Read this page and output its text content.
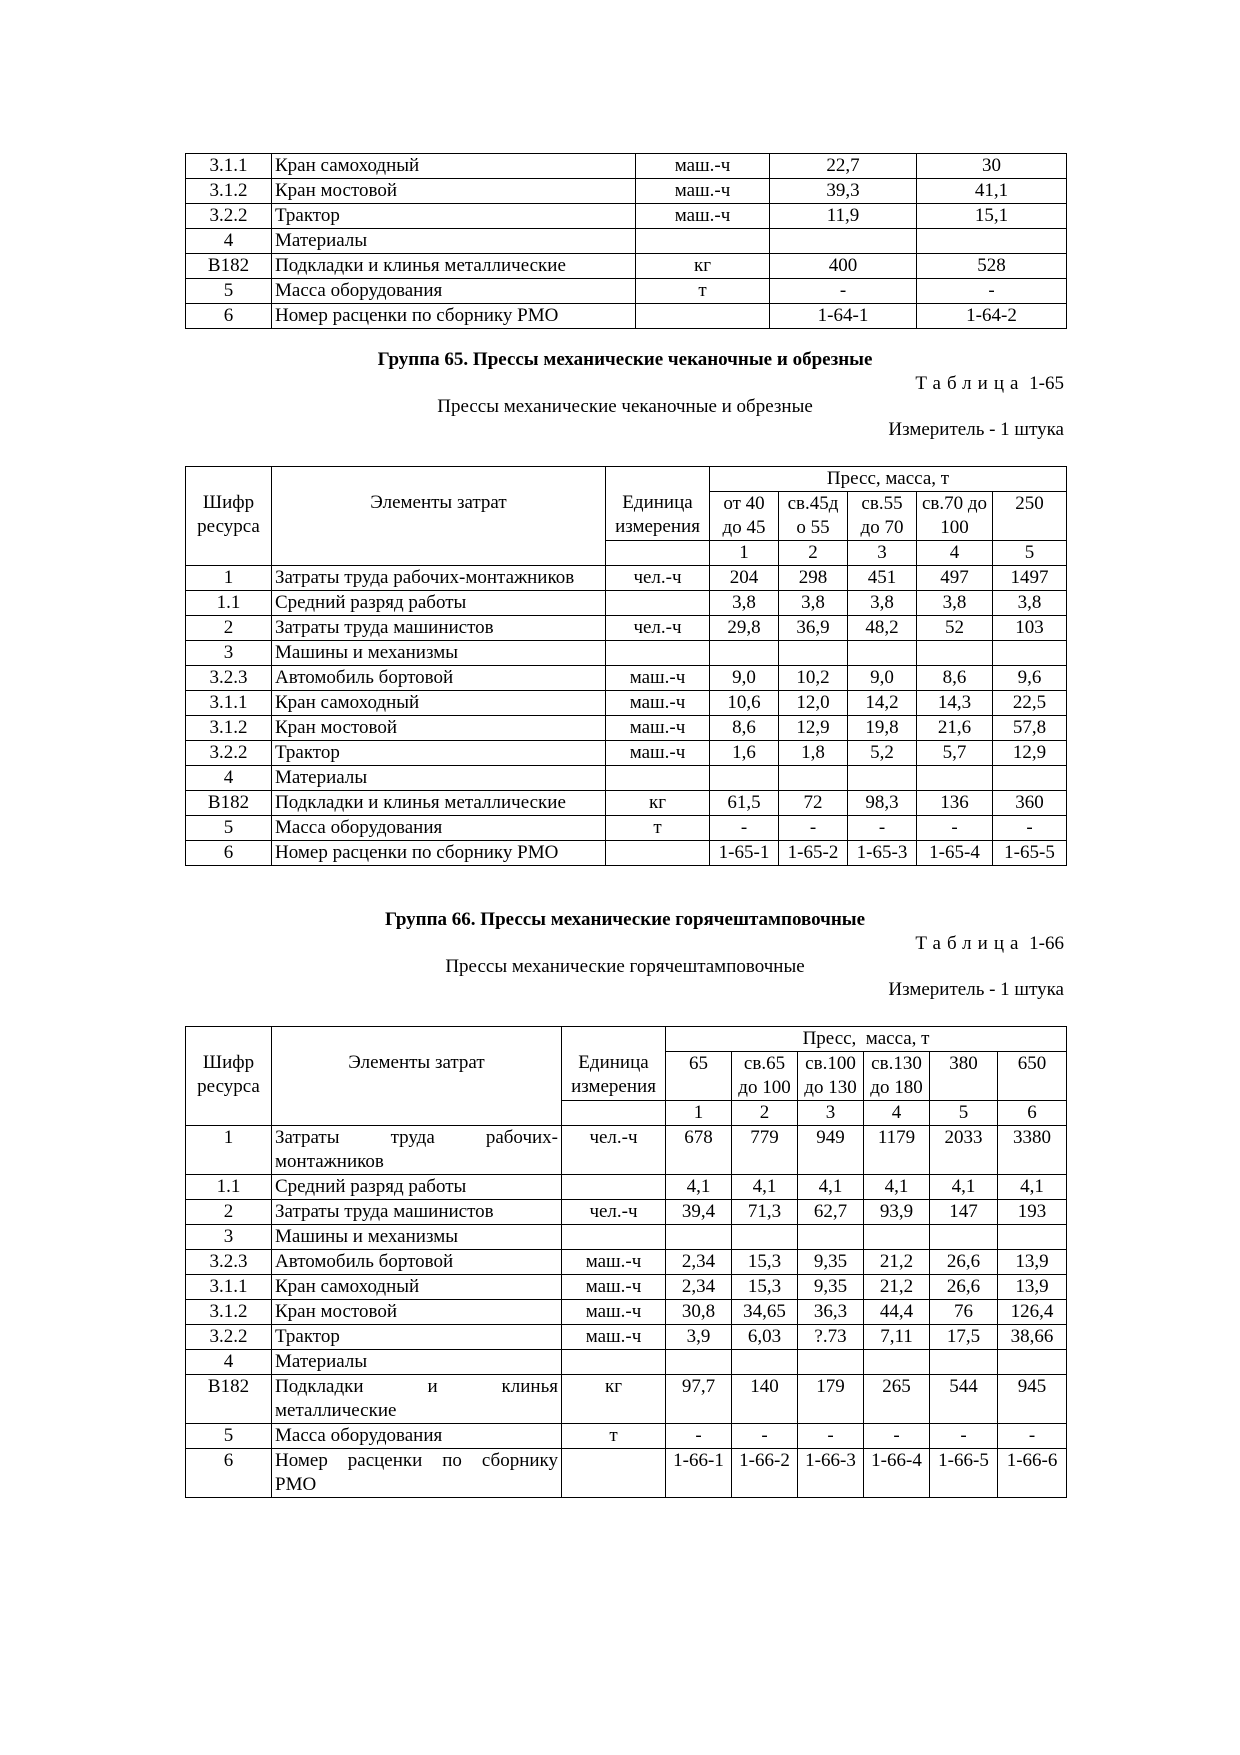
3.1.1	Кран самоходный	маш.-ч	22,7	30
3.1.2	Кран мостовой	маш.-ч	39,3	41,1
3.2.2	Трактор	маш.-ч	11,9	15,1
4	Материалы			
В182	Подкладки и клинья металлические	кг	400	528
5	Масса оборудования	т	-	-
6	Номер расценки по сборнику РМО		1-64-1	1-64-2
Группа 65. Прессы механические чеканочные и обрезные
Таблица 1-65
Прессы механические чеканочные и обрезные
Измеритель - 1 штука
Шифр ресурса	Элементы затрат	Единица измерения	Пресс, масса, т				
			от 40 до 45	св.45д о 55	св.55 до 70	св.70 до 100	250
			1	2	3	4	5
1	Затраты труда рабочих-монтажников	чел.-ч	204	298	451	497	1497
1.1	Средний разряд работы		3,8	3,8	3,8	3,8	3,8
2	Затраты труда машинистов	чел.-ч	29,8	36,9	48,2	52	103
3	Машины и механизмы						
3.2.3	Автомобиль бортовой	маш.-ч	9,0	10,2	9,0	8,6	9,6
3.1.1	Кран самоходный	маш.-ч	10,6	12,0	14,2	14,3	22,5
3.1.2	Кран мостовой	маш.-ч	8,6	12,9	19,8	21,6	57,8
3.2.2	Трактор	маш.-ч	1,6	1,8	5,2	5,7	12,9
4	Материалы						
В182	Подкладки и клинья металлические	кг	61,5	72	98,3	136	360
5	Масса оборудования	т	-	-	-	-	-
6	Номер расценки по сборнику РМО		1-65-1	1-65-2	1-65-3	1-65-4	1-65-5
Группа 66. Прессы механические горячештамповочные
Таблица 1-66
Прессы механические горячештамповочные
Измеритель - 1 штука
Шифр ресурса	Элементы затрат	Единица измерения	Пресс,  масса, т					
			65	св.65 до 100	св.100 до 130	св.130 до 180	380	650
			1	2	3	4	5	6
1	Затраты труда рабочих-монтажников	чел.-ч	678	779	949	1179	2033	3380
1.1	Средний разряд работы		4,1	4,1	4,1	4,1	4,1	4,1
2	Затраты труда машинистов	чел.-ч	39,4	71,3	62,7	93,9	147	193
3	Машины и механизмы							
3.2.3	Автомобиль бортовой	маш.-ч	2,34	15,3	9,35	21,2	26,6	13,9
3.1.1	Кран самоходный	маш.-ч	2,34	15,3	9,35	21,2	26,6	13,9
3.1.2	Кран мостовой	маш.-ч	30,8	34,65	36,3	44,4	76	126,4
3.2.2	Трактор	маш.-ч	3,9	6,03	?.73	7,11	17,5	38,66
4	Материалы							
В182	Подкладки и клинья металлические	кг	97,7	140	179	265	544	945
5	Масса оборудования	т	-	-	-	-	-	-
6	Номер расценки по сборнику РМО		1-66-1	1-66-2	1-66-3	1-66-4	1-66-5	1-66-6
